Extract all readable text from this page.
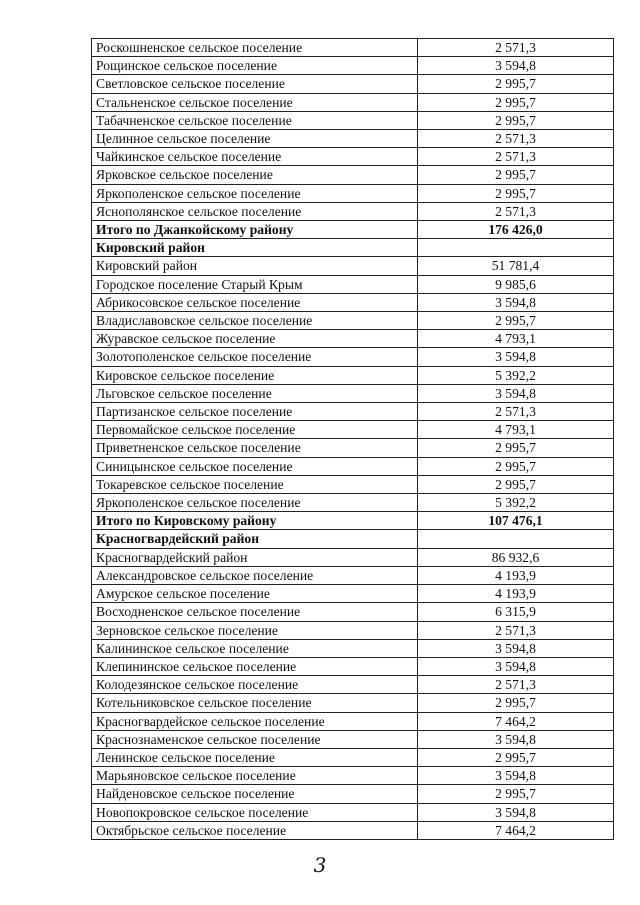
Роскошненское сельское поселение	2 571,3
Рощинское сельское поселение	3 594,8
Светловское сельское поселение	2 995,7
Стальненское сельское поселение	2 995,7
Табачненское сельское поселение	2 995,7
Целинное сельское поселение	2 571,3
Чайкинское сельское поселение	2 571,3
Ярковское сельское поселение	2 995,7
Яркополенское сельское поселение	2 995,7
Яснополянское сельское поселение	2 571,3
Итого по Джанкойскому району	176 426,0
Кировский район	
Кировский район	51 781,4
Городское поселение Старый Крым	9 985,6
Абрикосовское сельское поселение	3 594,8
Владиславовское сельское поселение	2 995,7
Журавское сельское поселение	4 793,1
Золотополенское сельское поселение	3 594,8
Кировское сельское поселение	5 392,2
Льговское сельское поселение	3 594,8
Партизанское сельское поселение	2 571,3
Первомайское сельское поселение	4 793,1
Приветненское сельское поселение	2 995,7
Синицынское сельское поселение	2 995,7
Токаревское сельское поселение	2 995,7
Яркополенское сельское поселение	5 392,2
Итого по Кировскому району	107 476,1
Красногвардейский район	
Красногвардейский район	86 932,6
Александровское сельское поселение	4 193,9
Амурское сельское поселение	4 193,9
Восходненское сельское поселение	6 315,9
Зерновское сельское поселение	2 571,3
Калининское сельское поселение	3 594,8
Клепининское сельское поселение	3 594,8
Колодезянское сельское поселение	2 571,3
Котельниковское сельское поселение	2 995,7
Красногвардейское сельское поселение	7 464,2
Краснознаменское сельское поселение	3 594,8
Ленинское сельское поселение	2 995,7
Марьяновское сельское поселение	3 594,8
Найденовское сельское поселение	2 995,7
Новопокровское сельское поселение	3 594,8
Октябрьское сельское поселение	7 464,2
3
